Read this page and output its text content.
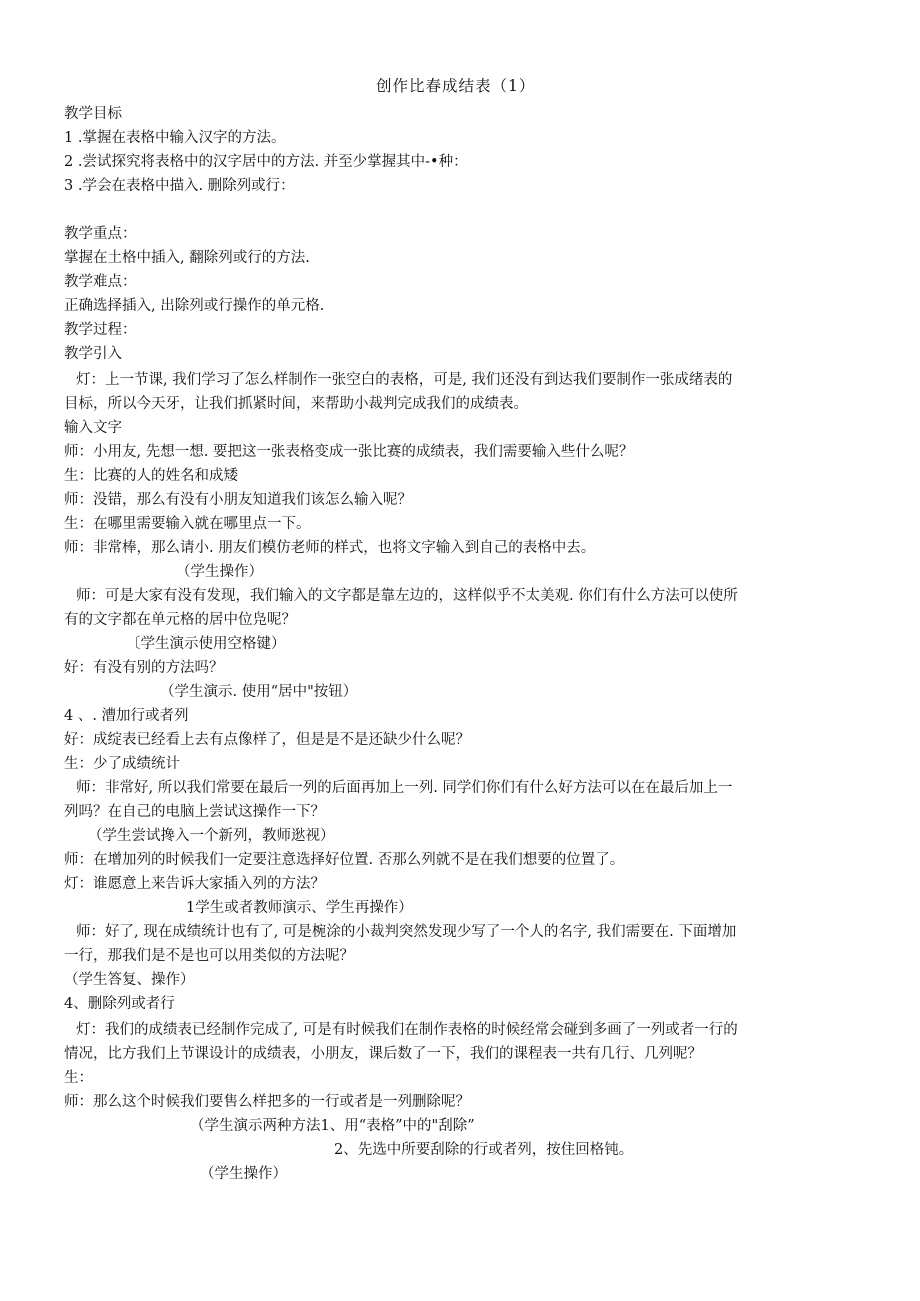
创作比春成结表（1）
教学目标
1 .掌握在表格中输入汉字的方法。
2 .尝试探究将表格中的汉字居中的方法. 并至少掌握其中-•种：
3 .学会在表格中描入. 删除列或行：
教学重点：
掌握在土格中插入, 翻除列或行的方法.
教学难点：
正确选择插入, 出除列或行操作的单元格.
教学过程：
教学引入
灯：上一节课, 我们学习了怎么样制作一张空白的表格，可是, 我们还没有到达我们要制作一张成绪表的
目标，所以今天牙，让我们抓紧时间，来帮助小裁判完成我们的成绩表。
输入文字
师：小用友, 先想一想. 要把这一张表格变成一张比赛的成绩表，我们需要输入些什么呢？
生：比赛的人的姓名和成矮
师：没错，那么有没有小朋友知道我们该怎么输入呢？
生：在哪里需要输入就在哪里点一下。
师：非常棒，那么请小. 朋友们模仿老师的样式，也将文字输入到自己的表格中去。
（学生操作）
师：可是大家有没有发现，我们输入的文字都是靠左边的，这样似乎不太美观. 你们有什么方法可以使所
有的文字都在单元格的居中位凫呢？
〔学生演示使用空格键）
好：有没有别的方法吗？
（学生演示. 使用“居中"按钮）
4 、. 漕加行或者列
好：成绽表已经看上去有点像样了，但是是不是还缺少什么呢？
生：少了成绩统计
师：非常好, 所以我们常要在最后一列的后面再加上一列. 同学们你们有什么好方法可以在在最后加上一
列吗？在自己的电脑上尝试这操作一下？
（学生尝试搀入一个新列，教师逖视）
师：在增加列的时候我们一定要注意选择好位置. 否那么列就不是在我们想要的位置了。
灯：谁愿意上来告诉大家插入列的方法？
1学生或者教师演示、学生再操作）
师：好了, 现在成绩统计也有了, 可是椀涂的小裁判突然发现少写了一个人的名字, 我们需要在. 下面增加
一行，那我们是不是也可以用类似的方法呢？
（学生答复、操作）
4、删除列或者行
灯：我们的成绩表已经制作完成了, 可是有时候我们在制作表格的时候经常会碰到多画了一列或者一行的
情况，比方我们上节课设计的成绩表，小朋友，课后数了一下，我们的课程表一共有几行、几列呢？
生：
师：那么这个时候我们要售么样把多的一行或者是一列删除呢？
（学生演示两种方法1、用“表格”中的"刮除”
2、先选中所要刮除的行或者列，按住回格钝。
（学生操作）
